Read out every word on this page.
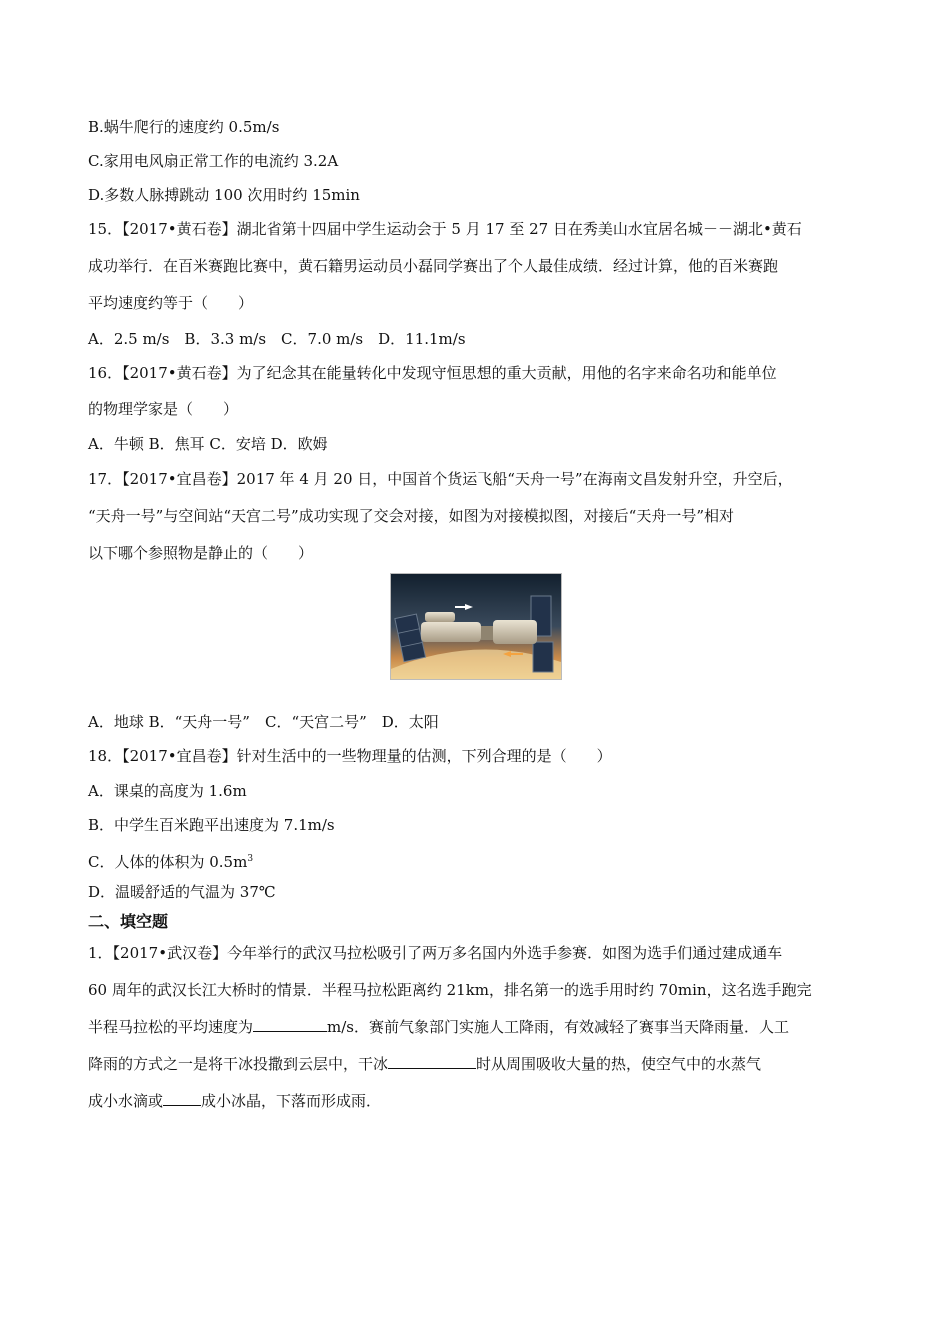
B.蜗牛爬行的速度约 0.5m/s
C.家用电风扇正常工作的电流约 3.2A
D.多数人脉搏跳动 100 次用时约 15min
15．【2017•黄石卷】湖北省第十四届中学生运动会于 5 月 17 至 27 日在秀美山水宜居名城－－湖北•黄石
成功举行．在百米赛跑比赛中，黄石籍男运动员小磊同学赛出了个人最佳成绩．经过计算，他的百米赛跑
平均速度约等于（　　）
A．2.5 m/s　B．3.3 m/s　C．7.0 m/s　D．11.1m/s
16．【2017•黄石卷】为了纪念其在能量转化中发现守恒思想的重大贡献，用他的名字来命名功和能单位
的物理学家是（　　）
A．牛顿 B．焦耳 C．安培 D．欧姆
17．【2017•宜昌卷】2017 年 4 月 20 日，中国首个货运飞船“天舟一号”在海南文昌发射升空，升空后，
“天舟一号”与空间站“天宫二号”成功实现了交会对接，如图为对接模拟图，对接后“天舟一号”相对
以下哪个参照物是静止的（　　）
A．地球 B．“天舟一号”　C．“天宫二号”　D．太阳
18．【2017•宜昌卷】针对生活中的一些物理量的估测，下列合理的是（　　）
A．课桌的高度为 1.6m
B．中学生百米跑平出速度为 7.1m/s
C．人体的体积为 $0.5m^3$
D．温暖舒适的气温为 37℃
二、填空题
1．【2017•武汉卷】今年举行的武汉马拉松吸引了两万多名国内外选手参赛．如图为选手们通过建成通车
60 周年的武汉长江大桥时的情景．半程马拉松距离约 21km，排名第一的选手用时约 70min，这名选手跑完
半程马拉松的平均速度为	m/s．赛前气象部门实施人工降雨，有效减轻了赛事当天降雨量．人工
降雨的方式之一是将干冰投撒到云层中，干冰	时从周围吸收大量的热，使空气中的水蒸气
成小水滴或	成小冰晶，下落而形成雨．
